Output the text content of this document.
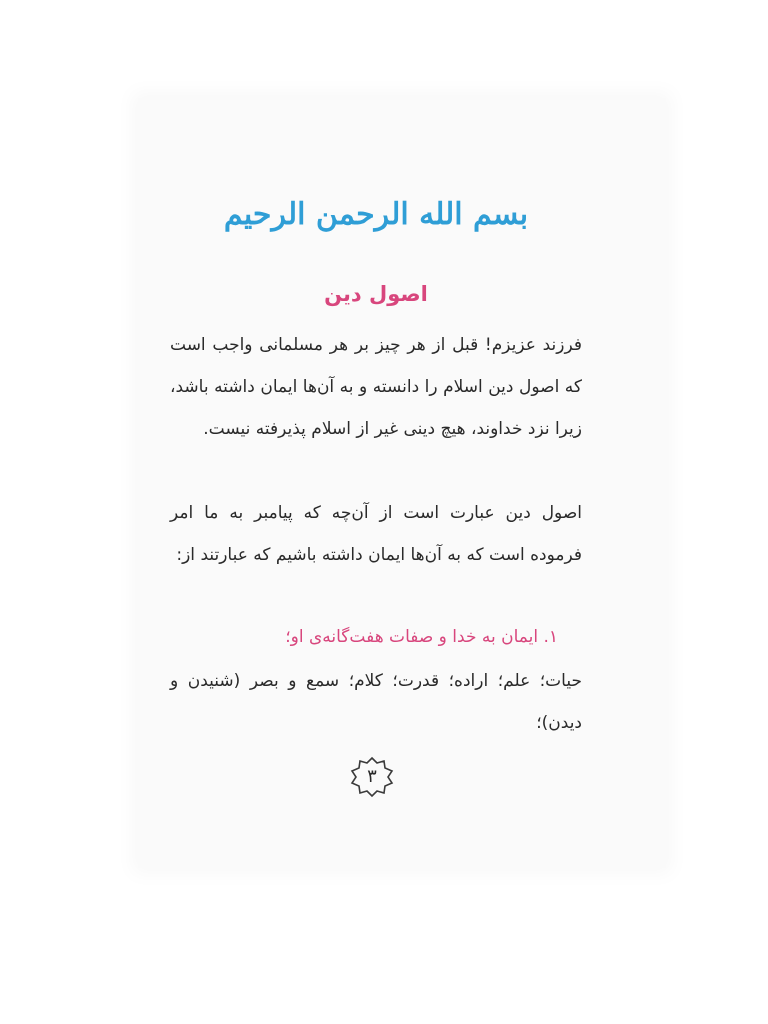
بسم الله الرحمن الرحیم
اصول دین
فرزند عزیزم! قبل از هر چیز بر هر مسلمانی واجب است که اصول دین اسلام را دانسته و به آن‌ها ایمان داشته باشد، زیرا نزد خداوند، هیچ دینی غیر از اسلام پذیرفته نیست.
اصول دین عبارت است از آن‌چه که پیامبر به ما امر فرموده است که به آن‌ها ایمان داشته باشیم که عبارتند از:
۱. ایمان به خدا و صفات هفت‌گانه‌ی او؛
حیات؛ علم؛ اراده؛ قدرت؛ کلام؛ سمع و بصر (شنیدن و دیدن)؛
۳
